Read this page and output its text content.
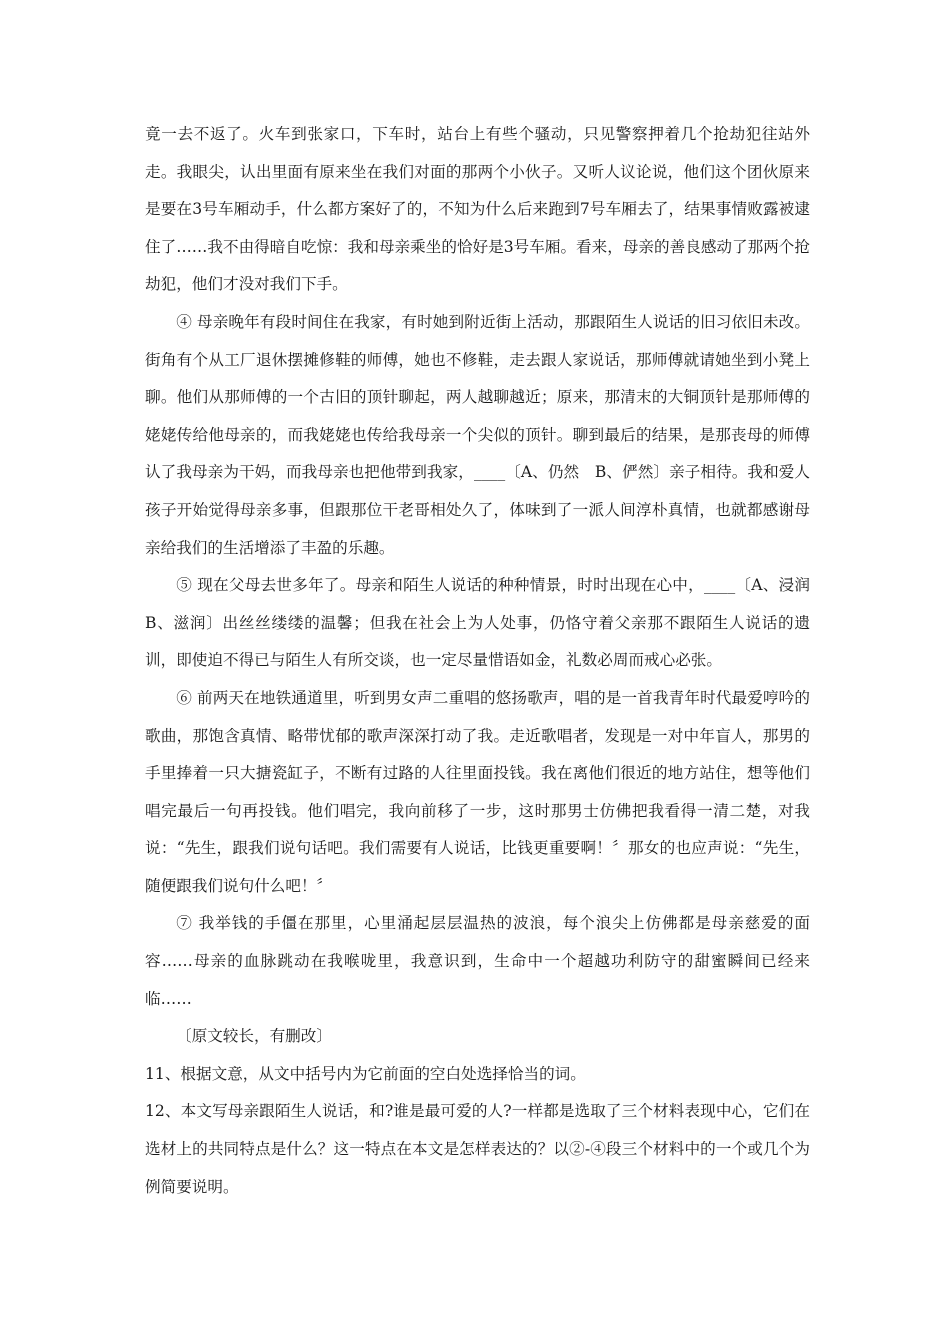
竟一去不返了。火车到张家口，下车时，站台上有些个骚动，只见警察押着几个抢劫犯往站外走。我眼尖，认出里面有原来坐在我们对面的那两个小伙子。又听人议论说，他们这个团伙原来是要在3号车厢动手，什么都方案好了的，不知为什么后来跑到7号车厢去了，结果事情败露被逮住了……我不由得暗自吃惊：我和母亲乘坐的恰好是3号车厢。看来，母亲的善良感动了那两个抢劫犯，他们才没对我们下手。

④ 母亲晚年有段时间住在我家，有时她到附近街上活动，那跟陌生人说话的旧习依旧未改。街角有个从工厂退休摆摊修鞋的师傅，她也不修鞋，走去跟人家说话，那师傅就请她坐到小凳上聊。他们从那师傅的一个古旧的顶针聊起，两人越聊越近；原来，那清末的大铜顶针是那师傅的姥姥传给他母亲的，而我姥姥也传给我母亲一个尖似的顶针。聊到最后的结果，是那丧母的师傅认了我母亲为干妈，而我母亲也把他带到我家，____〔A、仍然　B、俨然〕亲子相待。我和爱人孩子开始觉得母亲多事，但跟那位干老哥相处久了，体味到了一派人间淳朴真情，也就都感谢母亲给我们的生活增添了丰盈的乐趣。

⑤ 现在父母去世多年了。母亲和陌生人说话的种种情景，时时出现在心中，____〔A、浸润　B、滋润〕出丝丝缕缕的温馨；但我在社会上为人处事，仍恪守着父亲那不跟陌生人说话的遗训，即使迫不得已与陌生人有所交谈，也一定尽量惜语如金，礼数必周而戒心必张。

⑥ 前两天在地铁通道里，听到男女声二重唱的悠扬歌声，唱的是一首我青年时代最爱哼吟的歌曲，那饱含真情、略带忧郁的歌声深深打动了我。走近歌唱者，发现是一对中年盲人，那男的手里捧着一只大搪瓷缸子，不断有过路的人往里面投钱。我在离他们很近的地方站住，想等他们唱完最后一句再投钱。他们唱完，我向前移了一步，这时那男士仿佛把我看得一清二楚，对我说：“先生，跟我们说句话吧。我们需要有人说话，比钱更重要啊！〞那女的也应声说：“先生，随便跟我们说句什么吧！〞

⑦ 我举钱的手僵在那里，心里涌起层层温热的波浪，每个浪尖上仿佛都是母亲慈爱的面容……母亲的血脉跳动在我喉咙里，我意识到，生命中一个超越功利防守的甜蜜瞬间已经来临……

〔原文较长，有删改〕

11、根据文意，从文中括号内为它前面的空白处选择恰当的词。

12、本文写母亲跟陌生人说话，和?谁是最可爱的人?一样都是选取了三个材料表现中心，它们在选材上的共同特点是什么？这一特点在本文是怎样表达的？以②-④段三个材料中的一个或几个为例简要说明。
